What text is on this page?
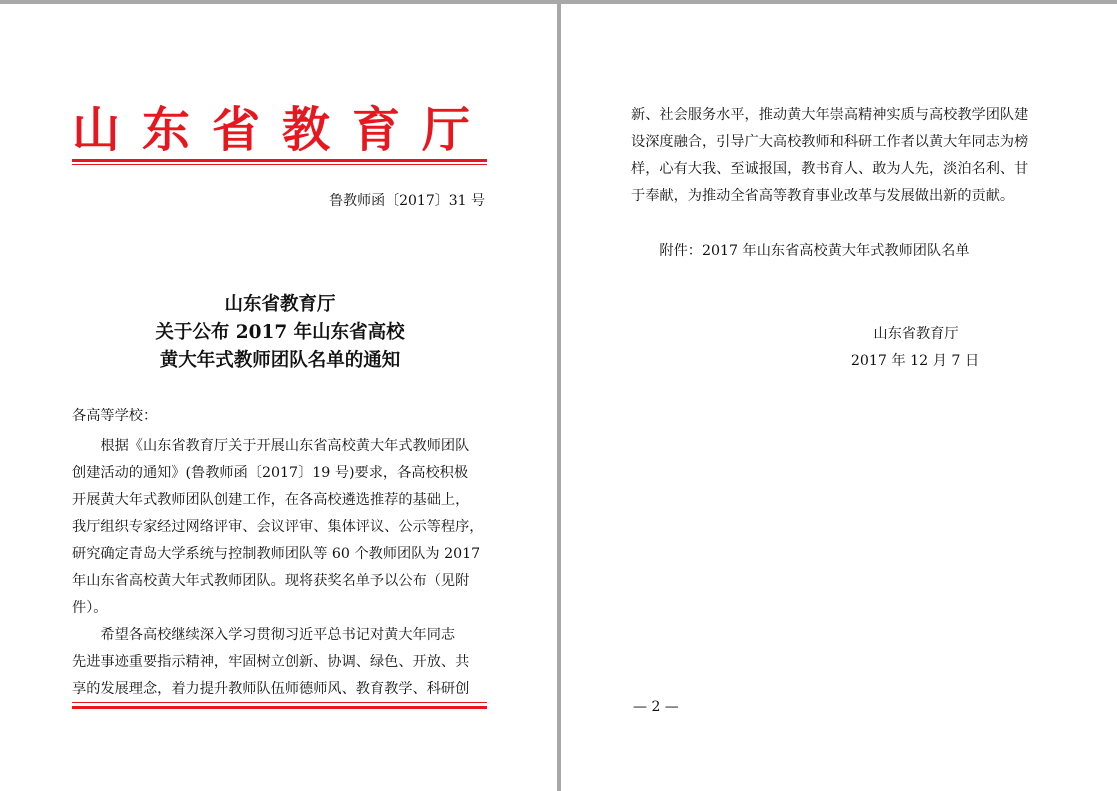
山东省教育厅
鲁教师函〔2017〕31 号
山东省教育厅
关于公布 2017 年山东省高校
黄大年式教师团队名单的通知
各高等学校：
　　根据《山东省教育厅关于开展山东省高校黄大年式教师团队
创建活动的通知》(鲁教师函〔2017〕19 号)要求，各高校积极
开展黄大年式教师团队创建工作，在各高校遴选推荐的基础上，
我厅组织专家经过网络评审、会议评审、集体评议、公示等程序，
研究确定青岛大学系统与控制教师团队等 60 个教师团队为 2017
年山东省高校黄大年式教师团队。现将获奖名单予以公布（见附
件）。
　　希望各高校继续深入学习贯彻习近平总书记对黄大年同志
先进事迹重要指示精神，牢固树立创新、协调、绿色、开放、共
享的发展理念，着力提升教师队伍师德师风、教育教学、科研创
新、社会服务水平，推动黄大年崇高精神实质与高校教学团队建
设深度融合，引导广大高校教师和科研工作者以黄大年同志为榜
样，心有大我、至诚报国，教书育人、敢为人先，淡泊名利、甘
于奉献，为推动全省高等教育事业改革与发展做出新的贡献。
　　附件：2017 年山东省高校黄大年式教师团队名单
山东省教育厅
2017 年 12 月 7 日
— 2 —
